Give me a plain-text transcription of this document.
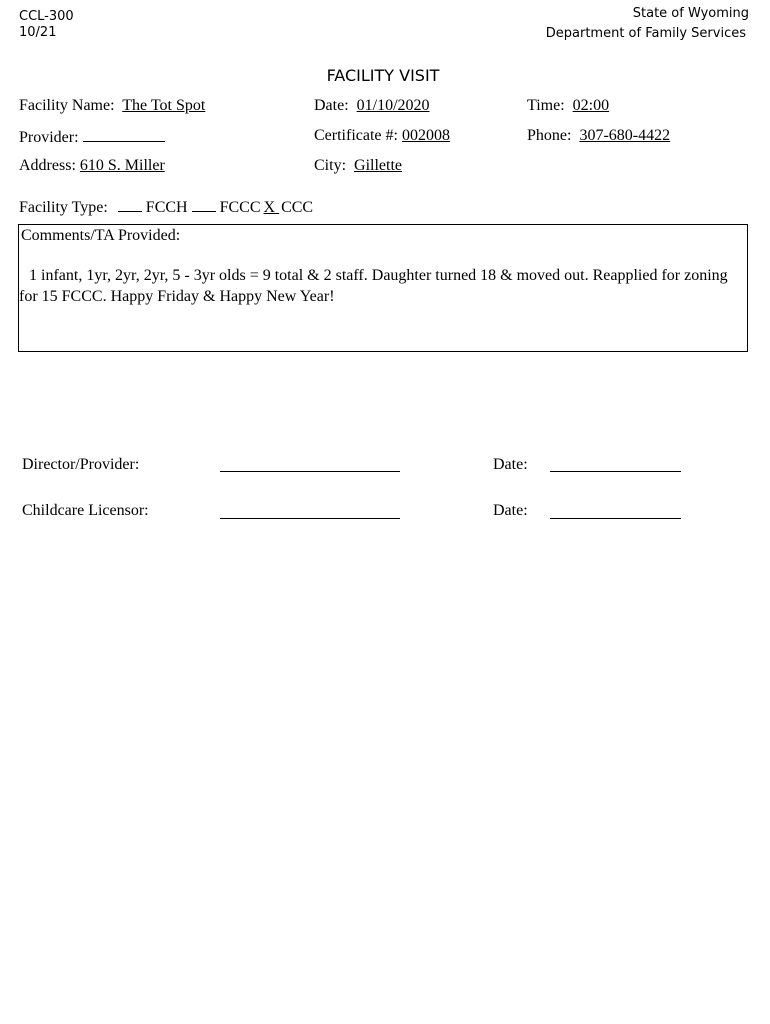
CCL-300
10/21
State of Wyoming
Department of Family Services
FACILITY VISIT
Facility Name: The Tot Spot	Date: 01/10/2020	Time: 02:00
Provider:	Certificate #: 002008	Phone: 307-680-4422
Address: 610 S. Miller	City: Gillette
Facility Type: FCCH FCCC X CCC
Comments/TA Provided:
1 infant, 1yr, 2yr, 2yr, 5 - 3yr olds = 9 total & 2 staff. Daughter turned 18 & moved out. Reapplied for zoning for 15 FCCC. Happy Friday & Happy New Year!
Director/Provider:	Date:
Childcare Licensor:	Date:
